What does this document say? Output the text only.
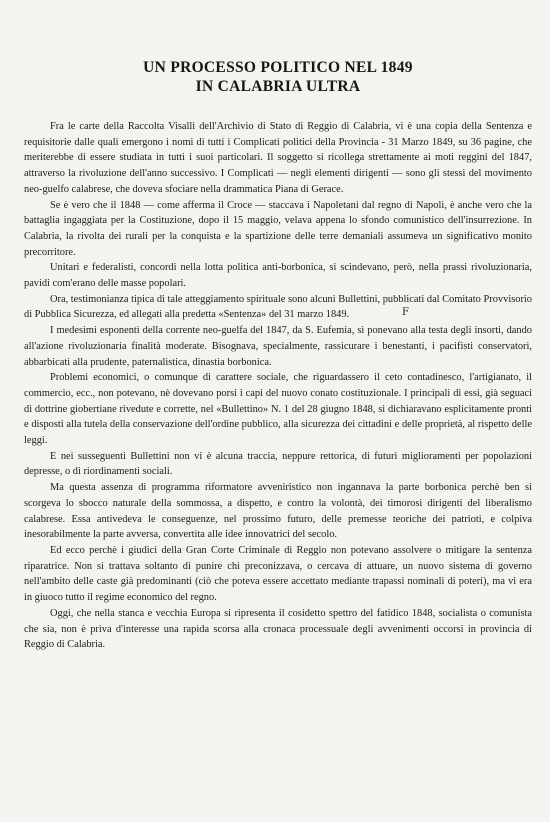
UN PROCESSO POLITICO NEL 1849
IN CALABRIA ULTRA

Fra le carte della Raccolta Visalli dell'Archivio di Stato di Reggio di Calabria, vi è una copia della Sentenza e requisitorie dalle quali emergono i nomi di tutti i Complicati politici della Provincia - 31 Marzo 1849, su 36 pagine, che meriterebbe di essere studiata in tutti i suoi particolari. Il soggetto si ricollega strettamente ai moti reggini del 1847, attraverso la rivoluzione dell'anno successivo. I Complicati — negli elementi dirigenti — sono gli stessi del movimento neo-guelfo calabrese, che doveva sfociare nella drammatica Piana di Gerace.

Se è vero che il 1848 — come afferma il Croce — staccava i Napoletani dal regno di Napoli, è anche vero che la battaglia ingaggiata per la Costituzione, dopo il 15 maggio, velava appena lo sfondo comunistico dell'insurrezione. In Calabria, la rivolta dei rurali per la conquista e la spartizione delle terre demaniali assumeva un significativo monito precorritore.

Unitari e federalisti, concordi nella lotta politica anti-borbonica, si scindevano, però, nella prassi rivoluzionaria, pavidi com'erano delle masse popolari.

Ora, testimonianza tipica di tale atteggiamento spirituale sono alcuni Bullettini, pubblicati dal Comitato Provvisorio di Pubblica Sicurezza, ed allegati alla predetta «Sentenza» del 31 marzo 1849.

I medesimi esponenti della corrente neo-guelfa del 1847, da S. Eufemia, si ponevano alla testa degli insorti, dando all'azione rivoluzionaria finalità moderate. Bisognava, specialmente, rassicurare i benestanti, i pacifisti conservatori, abbarbicati alla prudente, paternalistica, dinastia borbonica.

Problemi economici, o comunque di carattere sociale, che riguardassero il ceto contadinesco, l'artigianato, il commercio, ecc., non potevano, nè dovevano porsi i capi del nuovo conato costituzionale. I principali di essi, già seguaci di dottrine giobertiane rivedute e corrette, nel «Bullettino» N. 1 del 28 giugno 1848, si dichiaravano esplicitamente pronti e disposti alla tutela della conservazione dell'ordine pubblico, alla sicurezza dei cittadini e delle proprietà, al rispetto delle leggi.

E nei susseguenti Bullettini non vi è alcuna traccia, neppure rettorica, di futuri miglioramenti per popolazioni depresse, o di riordinamenti sociali.

Ma questa assenza di programma riformatore avveniristico non ingannava la parte borbonica perchè ben si scorgeva lo sbocco naturale della sommossa, a dispetto, e contro la volontà, dei timorosi dirigenti del liberalismo calabrese. Essa antivedeva le conseguenze, nel prossimo futuro, delle premesse teoriche dei patrioti, e colpiva inesorabilmente la parte avversa, convertita alle idee innovatrici del secolo.

Ed ecco perchè i giudici della Gran Corte Criminale di Reggio non potevano assolvere o mitigare la sentenza riparatrice. Non si trattava soltanto di punire chi preconizzava, o cercava di attuare, un nuovo sistema di governo nell'ambito delle caste già predominanti (ciò che poteva essere accettato mediante trapassi nominali di poteri), ma vi era in giuoco tutto il regime economico del regno.

Oggi, che nella stanca e vecchia Europa si ripresenta il cosidetto spettro del fatidico 1848, socialista o comunista che sia, non è priva d'interesse una rapida scorsa alla cronaca processuale degli avvenimenti occorsi in provincia di Reggio di Calabria.

F
